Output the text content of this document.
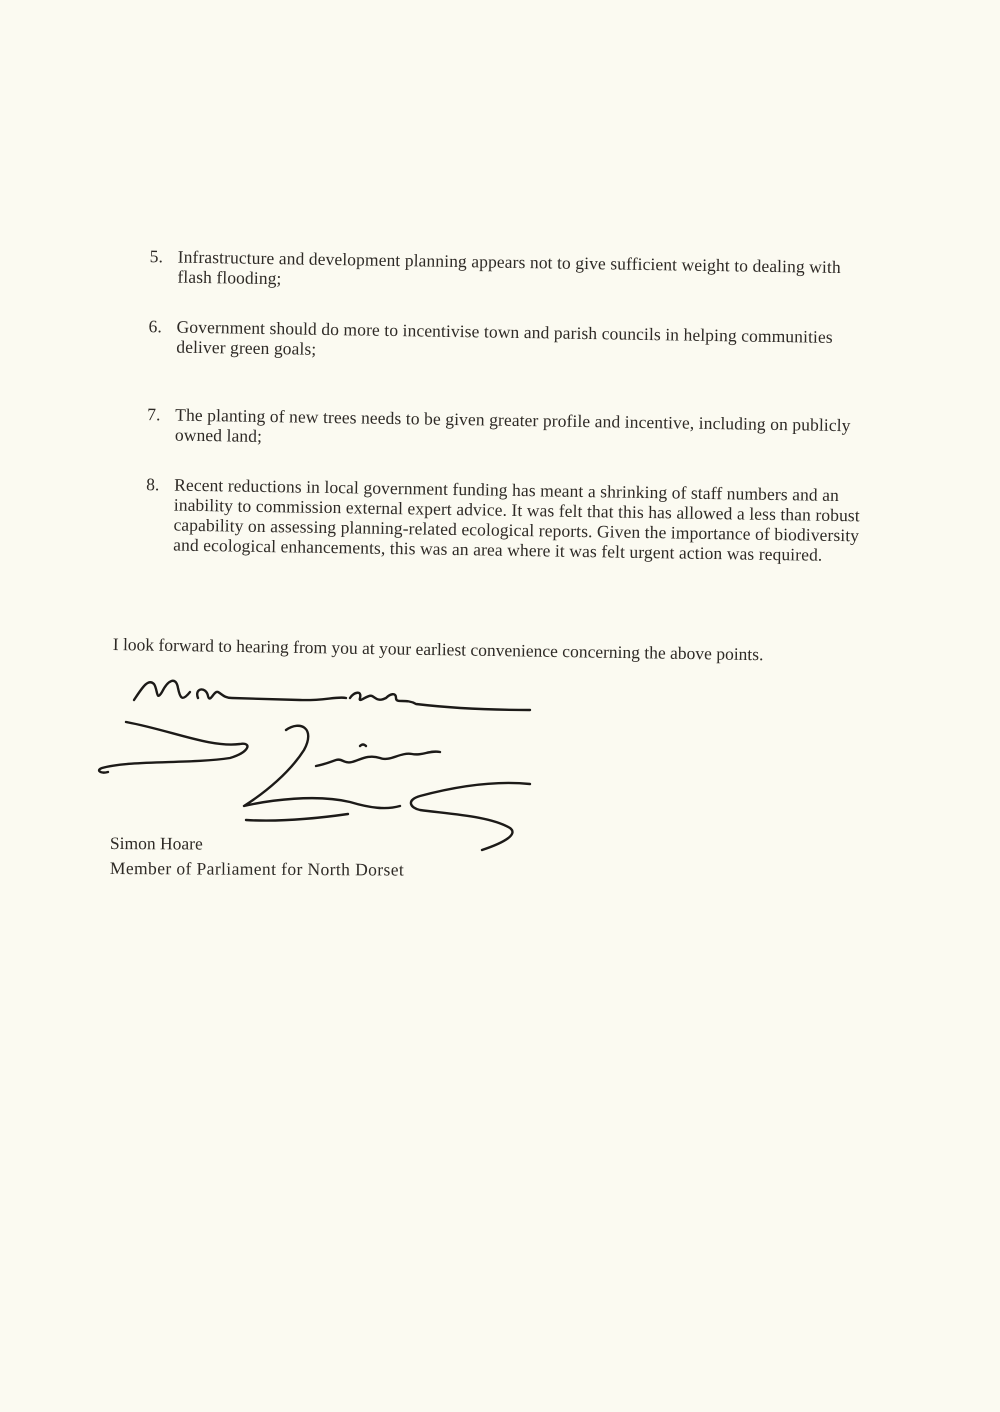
5. Infrastructure and development planning appears not to give sufficient weight to dealing with flash flooding;
6. Government should do more to incentivise town and parish councils in helping communities deliver green goals;
7. The planting of new trees needs to be given greater profile and incentive, including on publicly owned land;
8. Recent reductions in local government funding has meant a shrinking of staff numbers and an inability to commission external expert advice. It was felt that this has allowed a less than robust capability on assessing planning-related ecological reports. Given the importance of biodiversity and ecological enhancements, this was an area where it was felt urgent action was required.
I look forward to hearing from you at your earliest convenience concerning the above points.
Simon Hoare
Member of Parliament for North Dorset
